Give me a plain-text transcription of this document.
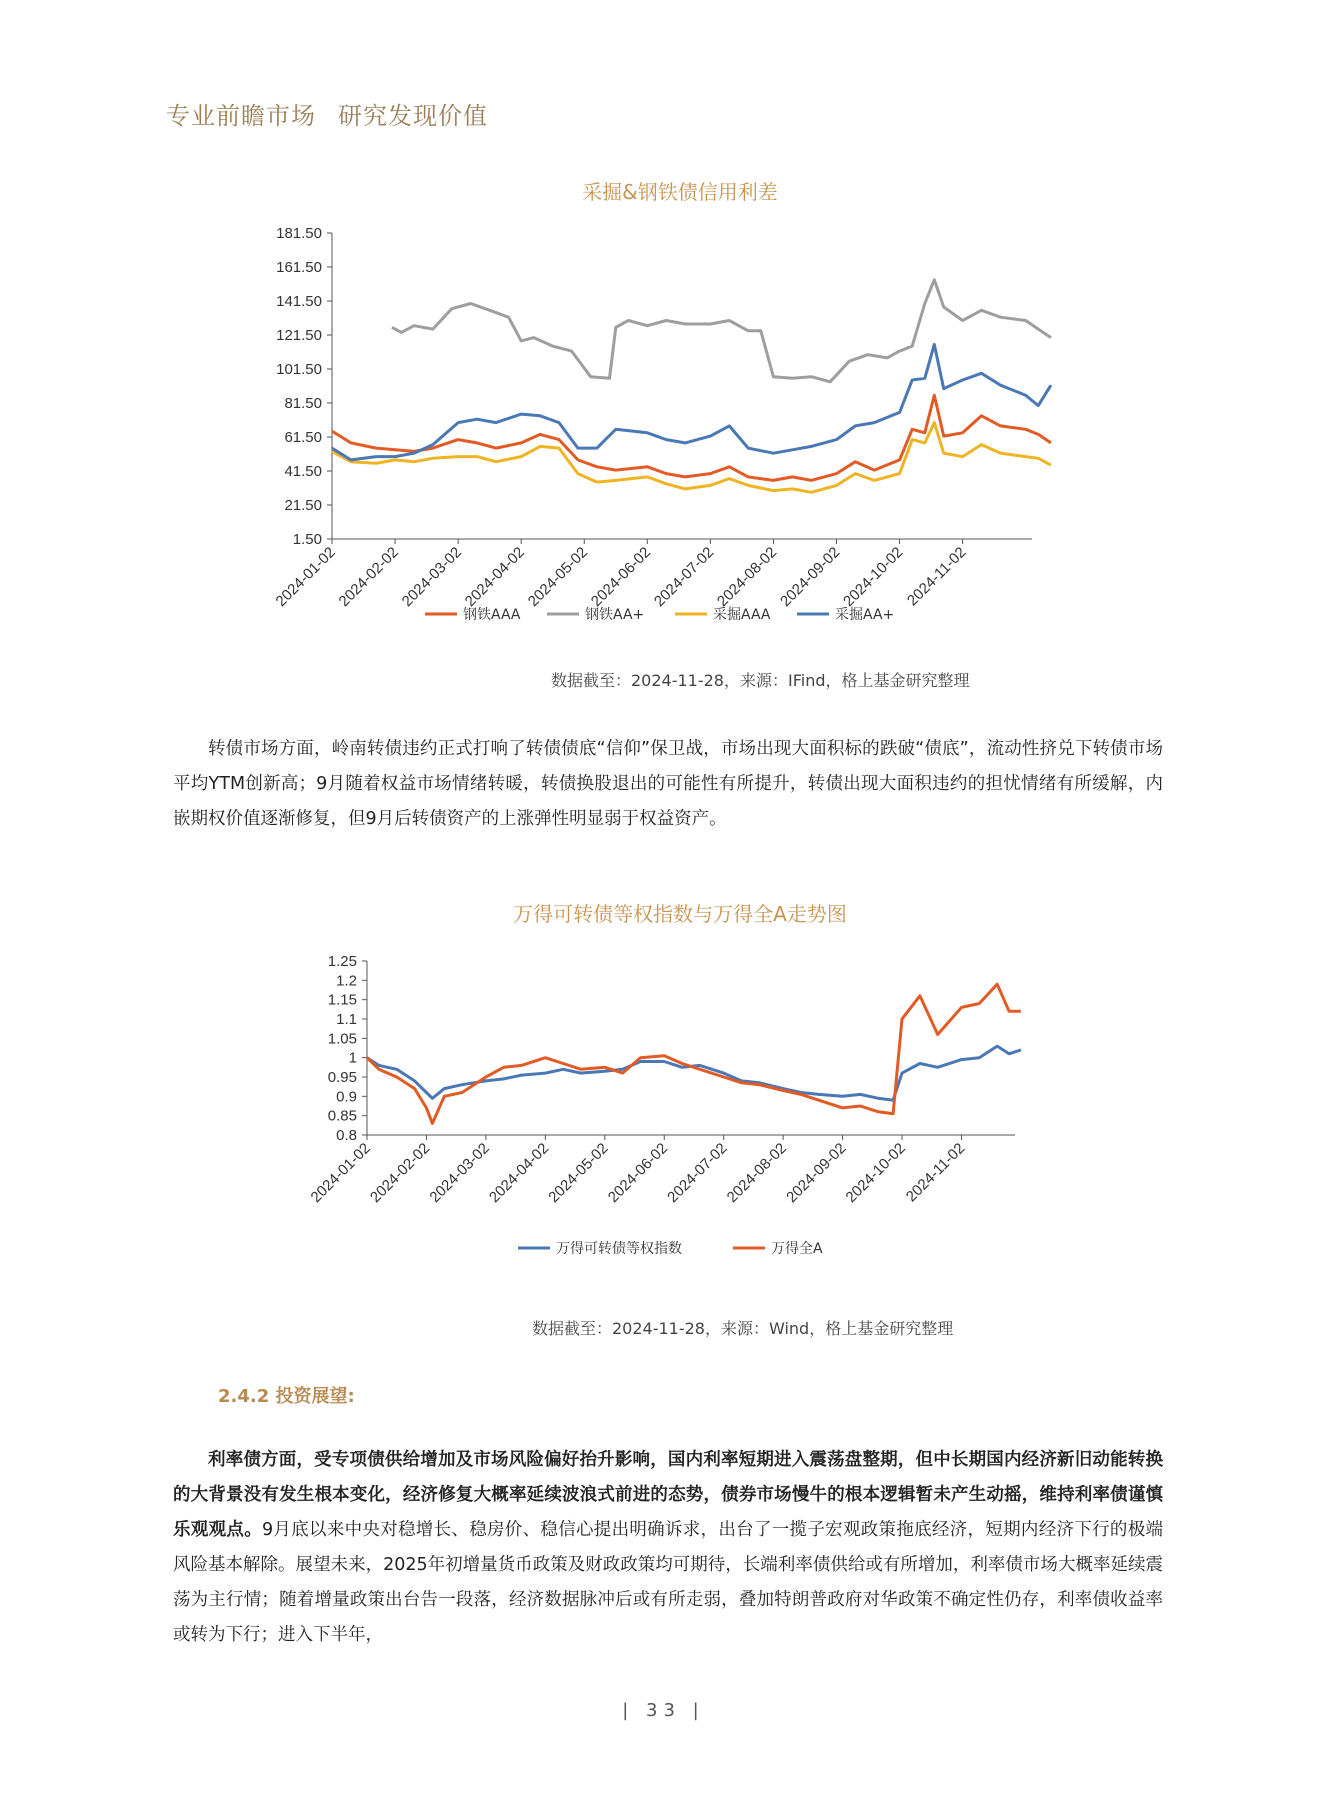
专业前瞻市场 研究发现价值
采掘&钢铁债信用利差
181.50
161.50
141.50
121.50
101.50
81.50
61.50
41.50
21.50
1.50
2024-01-02
2024-02-02
2024-03-02
2024-04-02
2024-05-02
2024-06-02
2024-07-02
2024-08-02
2024-09-02
2024-10-02
2024-11-02
钢铁AAA	钢铁AA+	采掘AAA	采掘AA+
数据截至：2024-11-28，来源：IFind，格上基金研究整理
转债市场方面，岭南转债违约正式打响了转债债底“信仰”保卫战，市场出现大面积标的跌破“债底”，流动性挤兑下转债市场平均YTM创新高；9月随着权益市场情绪转暖，转债换股退出的可能性有所提升，转债出现大面积违约的担忧情绪有所缓解，内嵌期权价值逐渐修复，但9月后转债资产的上涨弹性明显弱于权益资产。
万得可转债等权指数与万得全A走势图
1.25
1.2
1.15
1.1
1.05
1
0.95
0.9
0.85
0.8
2024-01-02
2024-02-02
2024-03-02
2024-04-02
2024-05-02
2024-06-02
2024-07-02
2024-08-02
2024-09-02
2024-10-02
2024-11-02
万得可转债等权指数	万得全A
数据截至：2024-11-28，来源：Wind，格上基金研究整理
2.4.2 投资展望:
利率债方面，受专项债供给增加及市场风险偏好抬升影响，国内利率短期进入震荡盘整期，但中长期国内经济新旧动能转换的大背景没有发生根本变化，经济修复大概率延续波浪式前进的态势，债券市场慢牛的根本逻辑暂未产生动摇，维持利率债谨慎乐观观点。9月底以来中央对稳增长、稳房价、稳信心提出明确诉求，出台了一揽子宏观政策拖底经济，短期内经济下行的极端风险基本解除。展望未来，2025年初增量货币政策及财政政策均可期待，长端利率债供给或有所增加，利率债市场大概率延续震荡为主行情；随着增量政策出台告一段落，经济数据脉冲后或有所走弱，叠加特朗普政府对华政策不确定性仍存，利率债收益率或转为下行；进入下半年，
| 33 |
